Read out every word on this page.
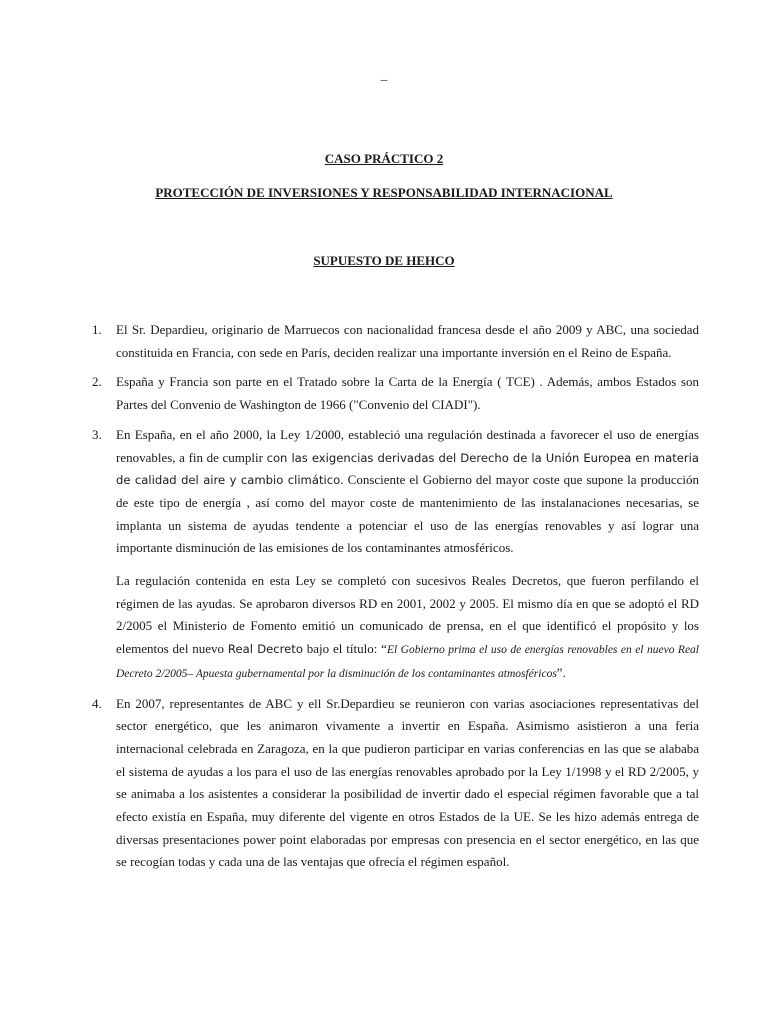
_
CASO PRÁCTICO 2
PROTECCIÓN DE INVERSIONES Y RESPONSABILIDAD INTERNACIONAL
SUPUESTO DE HEHCO
1. El Sr. Depardieu, originario de Marruecos con nacionalidad francesa desde el año 2009 y ABC, una sociedad constituida en Francia, con sede en París, deciden realizar una importante inversión en el Reino de España.

2. España y Francia son parte en el Tratado sobre la Carta de la Energía ( TCE) . Además, ambos Estados son Partes del Convenio de Washington de 1966 ("Convenio del CIADI").

3. En España, en el año 2000, la Ley 1/2000, estableció una regulación destinada a favorecer el uso de energías renovables, a fin de cumplir con las exigencias derivadas del Derecho de la Unión Europea en materia de calidad del aire y cambio climático. Consciente el Gobierno del mayor coste que supone la producción de este tipo de energía , así como del mayor coste de mantenimiento de las instalanaciones necesarias, se implanta un sistema de ayudas tendente a potenciar el uso de las energías renovables y así lograr una importante disminución de las emisiones de los contaminantes atmosféricos.

La regulación contenida en esta Ley se completó con sucesivos Reales Decretos, que fueron perfilando el régimen de las ayudas. Se aprobaron diversos RD en 2001, 2002 y 2005. El mismo día en que se adoptó el RD 2/2005 el Ministerio de Fomento emitió un comunicado de prensa, en el que identificó el propósito y los elementos del nuevo Real Decreto bajo el título: “El Gobierno prima el uso de energías renovables en el nuevo Real Decreto 2/2005– Apuesta gubernamental por la disminución de los contaminantes atmosféricos”.

4. En 2007, representantes de ABC y ell Sr.Depardieu se reunieron con varias asociaciones representativas del sector energético, que les animaron vivamente a invertir en España. Asimismo asistieron a una feria internacional celebrada en Zaragoza, en la que pudieron participar en varias conferencias en las que se alababa el sistema de ayudas a los para el uso de las energías renovables aprobado por la Ley 1/1998 y el RD 2/2005, y se animaba a los asistentes a considerar la posibilidad de invertir dado el especial régimen favorable que a tal efecto existía en España, muy diferente del vigente en otros Estados de la UE. Se les hizo además entrega de diversas presentaciones power point elaboradas por empresas con presencia en el sector energético, en las que se recogían todas y cada una de las ventajas que ofrecía el régimen español.
